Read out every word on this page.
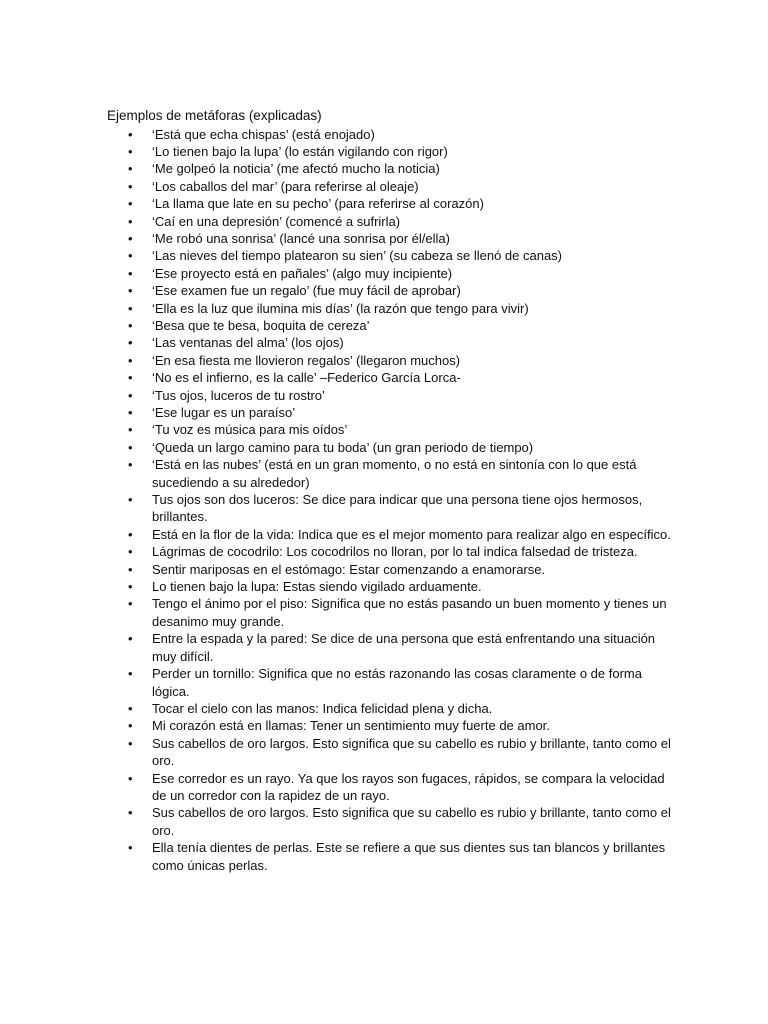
Ejemplos de metáforas (explicadas)
• ‘Está que echa chispas’ (está enojado)
• ‘Lo tienen bajo la lupa’ (lo están vigilando con rigor)
• ‘Me golpeó la noticia’ (me afectó mucho la noticia)
• ‘Los caballos del mar’ (para referirse al oleaje)
• ‘La llama que late en su pecho’ (para referirse al corazón)
• ‘Caí en una depresión’ (comencé a sufrirla)
• ‘Me robó una sonrisa’ (lancé una sonrisa por él/ella)
• ‘Las nieves del tiempo platearon su sien’ (su cabeza se llenó de canas)
• ‘Ese proyecto está en pañales’ (algo muy incipiente)
• ‘Ese examen fue un regalo’ (fue muy fácil de aprobar)
• ‘Ella es la luz que ilumina mis días’ (la razón que tengo para vivir)
• ‘Besa que te besa, boquita de cereza’
• ‘Las ventanas del alma’ (los ojos)
• ‘En esa fiesta me llovieron regalos’ (llegaron muchos)
• ‘No es el infierno, es la calle’ –Federico García Lorca-
• ‘Tus ojos, luceros de tu rostro’
• ‘Ese lugar es un paraíso’
• ‘Tu voz es música para mis oídos’
• ‘Queda un largo camino para tu boda’ (un gran periodo de tiempo)
• ‘Está en las nubes’ (está en un gran momento, o no está en sintonía con lo que está sucediendo a su alrededor)
• Tus ojos son dos luceros: Se dice para indicar que una persona tiene ojos hermosos, brillantes.
• Está en la flor de la vida: Indica que es el mejor momento para realizar algo en específico.
• Lágrimas de cocodrilo: Los cocodrilos no lloran, por lo tal indica falsedad de tristeza.
• Sentir mariposas en el estómago: Estar comenzando a enamorarse.
• Lo tienen bajo la lupa: Estas siendo vigilado arduamente.
• Tengo el ánimo por el piso: Significa que no estás pasando un buen momento y tienes un desanimo muy grande.
• Entre la espada y la pared: Se dice de una persona que está enfrentando una situación muy difícil.
• Perder un tornillo: Significa que no estás razonando las cosas claramente o de forma lógica.
• Tocar el cielo con las manos: Indica felicidad plena y dicha.
• Mi corazón está en llamas: Tener un sentimiento muy fuerte de amor.
• Sus cabellos de oro largos. Esto significa que su cabello es rubio y brillante, tanto como el oro.
• Ese corredor es un rayo. Ya que los rayos son fugaces, rápidos, se compara la velocidad de un corredor con la rapidez de un rayo.
• Sus cabellos de oro largos. Esto significa que su cabello es rubio y brillante, tanto como el oro.
• Ella tenía dientes de perlas. Este se refiere a que sus dientes sus tan blancos y brillantes como únicas perlas.
